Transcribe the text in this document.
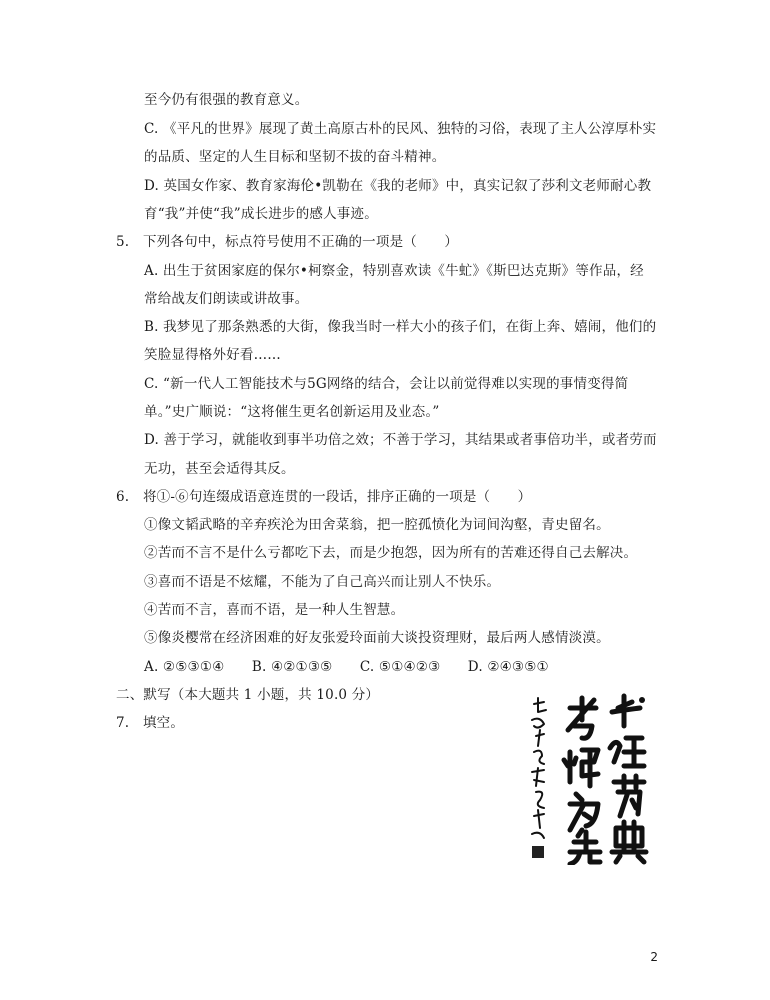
至今仍有很强的教育意义。
C. 《平凡的世界》展现了黄土高原古朴的民风、独特的习俗，表现了主人公淳厚朴实
的品质、坚定的人生目标和坚韧不拔的奋斗精神。
D. 英国女作家、教育家海伦•凯勒在《我的老师》中，真实记叙了莎利文老师耐心教
育“我”并使“我”成长进步的感人事迹。
5.　下列各句中，标点符号使用不正确的一项是（　　）
A. 出生于贫困家庭的保尔•柯察金，特别喜欢读《牛虻》《斯巴达克斯》等作品，经
常给战友们朗读或讲故事。
B. 我梦见了那条熟悉的大街，像我当时一样大小的孩子们，在街上奔、嬉闹，他们的
笑脸显得格外好看……
C. “新一代人工智能技术与5G网络的结合，会让以前觉得难以实现的事情变得简
单。”史广顺说：“这将催生更名创新运用及业态。”
D. 善于学习，就能收到事半功倍之效；不善于学习，其结果或者事倍功半，或者劳而
无功，甚至会适得其反。
6.　将①-⑥句连缀成语意连贯的一段话，排序正确的一项是（　　）
①像文韬武略的辛弃疾沦为田舍菜翁，把一腔孤愤化为词间沟壑，青史留名。
②苦而不言不是什么亏都吃下去，而是少抱怨，因为所有的苦难还得自己去解决。
③喜而不语是不炫耀，不能为了自己高兴而让别人不快乐。
④苦而不言，喜而不语，是一种人生智慧。
⑤像炎樱常在经济困难的好友张爱玲面前大谈投资理财，最后两人感情淡漠。
A. ②⑤③①④　　B. ④②①③⑤　　C. ⑤①④②③　　D. ②④③⑤①
二、默写（本大题共 1 小题，共 10.0 分）
7.　填空。
2
